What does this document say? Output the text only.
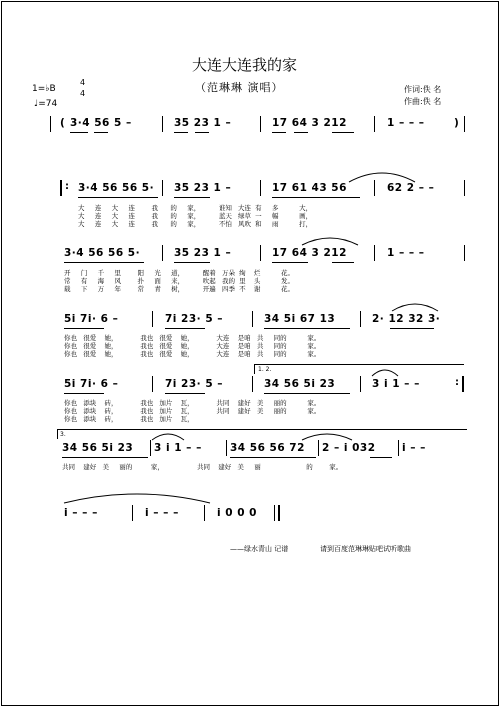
大连大连我的家
（范琳琳 演唱）
1=♭B
4
4
♩=74
作词:佚 名
作曲:佚 名
( 3·4 56 5 –	35 23 1 –	17 64 3 212	1 – – –	)
: 3·4 56 56 5· 35 23 1 –	17 61 43 56	62 2 – –
大     连     大     连        我      的     家，         谁知   大连  有     多          大，
大     连     大     连        我      的     家，         蓝天   绿草  一     幅          画，
大     连     大     连        我      的     家，         不怕   风吹  和     雨          打，
3·4 56 56 5·	35 23 1 –	17 64 3 212	1 – – –
开     门     千     里        阳     光     道，         醒着   万朵  绚    烂          花。
常     有     海     风        扑     面     来，         吹起   我的  里    头          发。
载     下     万     年        常     青     树，         开遍   四季  不    谢          花。
5i 7i· 6 –	7i 23· 5 –	34 5i 67 13	2· 12 32 3·
你也   很爱    她，           我也   很爱    她，           大连    是咱   共     同的          家。
你也   很爱    她，           我也   很爱    她，           大连    是咱   共     同的          家。
你也   很爱    她，           我也   很爱    她，           大连    是咱   共     同的          家。
1. 2.
5i 7i· 6 –	7i 23· 5 –	34 56 5i 23	3 i 1 – –	:
你也   添块    砖，           我也   加片    瓦，           共同    建好   美     丽的          家。
你也   添块    砖，           我也   加片    瓦，           共同    建好   美     丽的          家。
你也   添块    砖，           我也   加片    瓦，
3.
34 56 5i 23 3 i 1 – –	34 56 56 72 2 – i 032	i – –
共同    建好   美     丽的         家，                共同    建好   美     丽                      的        家。
i – – –	i – – –	i 0 0 0
——绿水青山 记谱	请到百度范琳琳贴吧试听歌曲
